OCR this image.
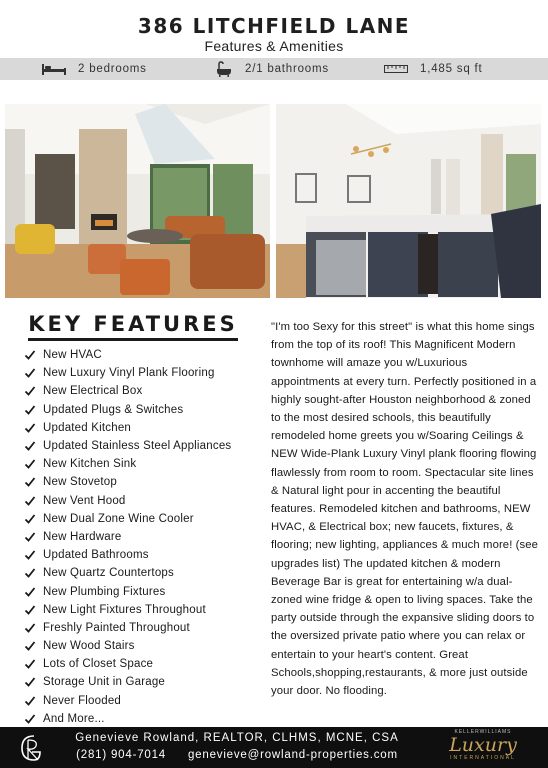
386 LITCHFIELD LANE
Features & Amenities
2 bedrooms	2/1 bathrooms	1,485 sq ft
KEY FEATURES
New HVAC
New Luxury Vinyl Plank Flooring
New Electrical Box
Updated Plugs & Switches
Updated Kitchen
Updated Stainless Steel Appliances
New Kitchen Sink
New Stovetop
New Vent Hood
New Dual Zone Wine Cooler
New Hardware
Updated Bathrooms
New Quartz Countertops
New Plumbing Fixtures
New Light Fixtures Throughout
Freshly Painted Throughout
New Wood Stairs
Lots of Closet Space
Storage Unit in Garage
Never Flooded
And More...

"I'm too Sexy for this street" is what this home sings from the top of its roof! This Magnificent Modern townhome will amaze you w/Luxurious appointments at every turn. Perfectly positioned in a highly sought-after Houston neighborhood & zoned to the most desired schools, this beautifully remodeled home greets you w/Soaring Ceilings & NEW Wide-Plank Luxury Vinyl plank flooring flowing flawlessly from room to room. Spectacular site lines & Natural light pour in accenting the beautiful features. Remodeled kitchen and bathrooms, NEW HVAC, & Electrical box; new faucets, fixtures, & flooring; new lighting, appliances & much more! (see upgrades list) The updated kitchen & modern Beverage Bar is great for entertaining w/a dual-zoned wine fridge & open to living spaces. Take the party outside through the expansive sliding doors to the oversized private patio where you can relax or entertain to your heart's content. Great Schools,shopping,restaurants, & more just outside your door. No flooding.

Genevieve Rowland, REALTOR, CLHMS, MCNE, CSA
(281) 904-7014 genevieve@rowland-properties.com
KELLERWILLIAMS
Luxury
INTERNATIONAL
